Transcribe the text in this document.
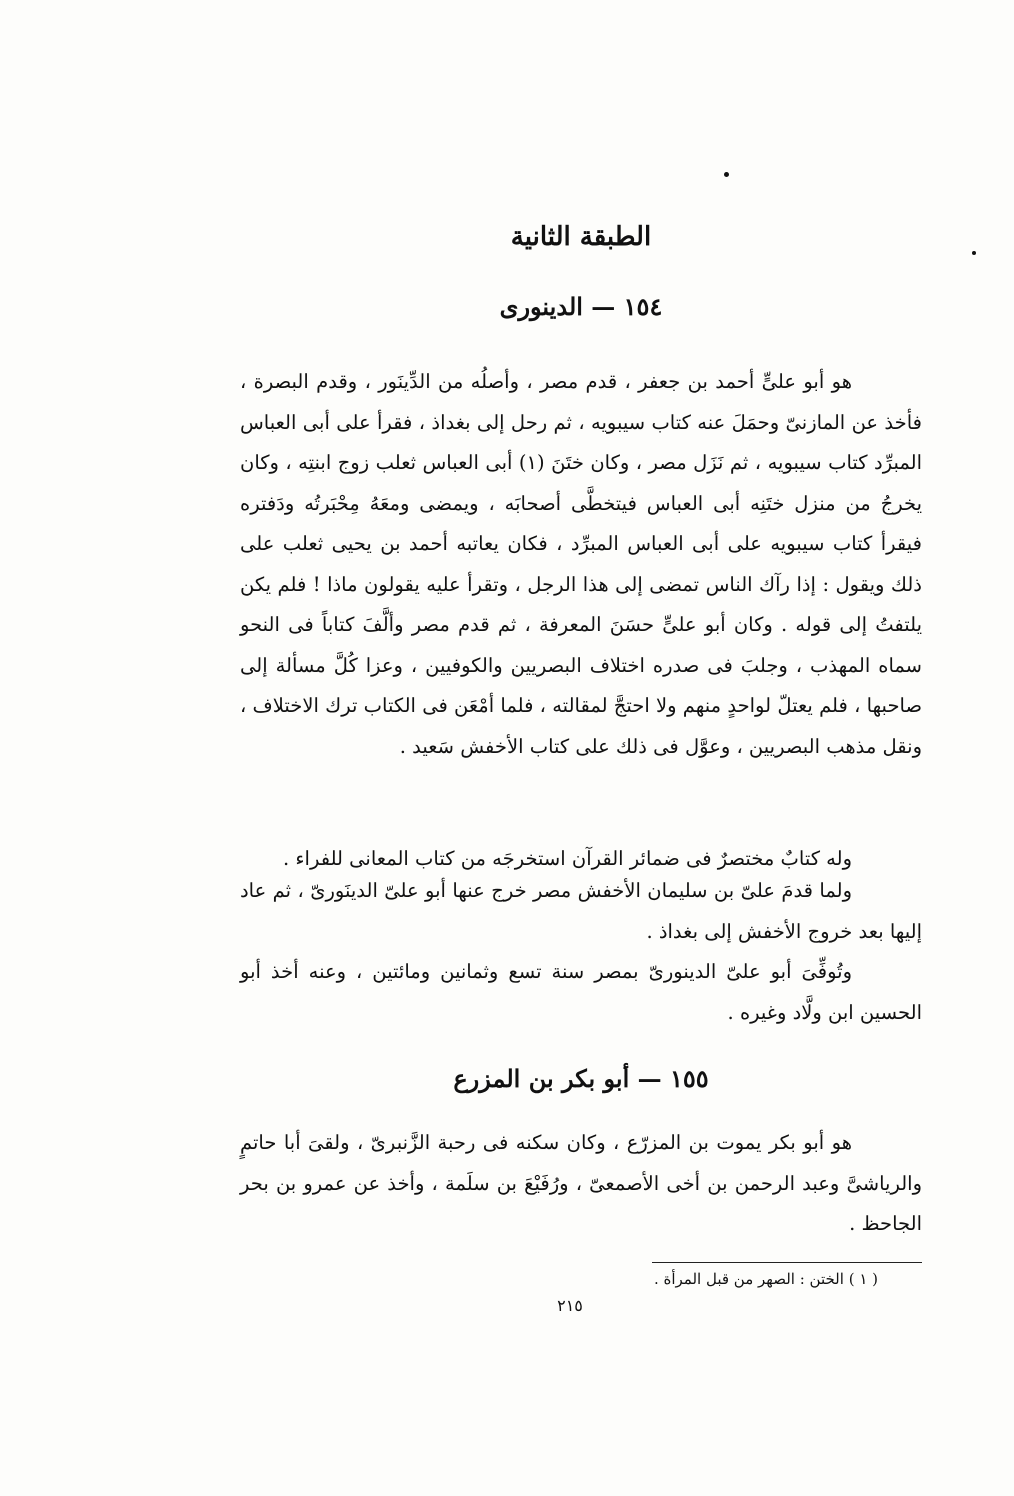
الطبقة الثانية
١٥٤ — الدينورى

هو أبو علىٍّ أحمد بن جعفر ، قدم مصر ، وأصلُه من الدِّينَور ، وقدم البصرة ، فأخذ عن المازنىّ وحمَلَ عنه كتاب سيبويه ، ثم رحل إلى بغداذ ، فقرأ على أبى العباس المبرِّد كتاب سيبويه ، ثم نَزَل مصر ، وكان ختَنَ (١) أبى العباس ثعلب زوج ابنتِه ، وكان يخرجُ من منزل ختَنِه أبى العباس فيتخطَّى أصحابَه ، ويمضى ومعَهُ مِحْبَرتُه ودَفتره فيقرأ كتاب سيبويه على أبى العباس المبرِّد ، فكان يعاتبه أحمد بن يحيى ثعلب على ذلك ويقول : إذا رآك الناس تمضى إلى هذا الرجل ، وتقرأ عليه يقولون ماذا ! فلم يكن يلتفتُ إلى قوله . وكان أبو علىٍّ حسَنَ المعرفة ، ثم قدم مصر وألَّفَ كتاباً فى النحو سماه المهذب ، وجلبَ فى صدره اختلاف البصريين والكوفيين ، وعزا كُلَّ مسألة إلى صاحبها ، فلم يعتلّ لواحدٍ منهم ولا احتجَّ لمقالته ، فلما أمْعَن فى الكتاب ترك الاختلاف ، ونقل مذهب البصريين ، وعوَّل فى ذلك على كتاب الأخفش سَعيد .

وله كتابٌ مختصرٌ فى ضمائر القرآن استخرجَه من كتاب المعانى للفراء .

ولما قدمَ علىّ بن سليمان الأخفش مصر خرج عنها أبو علىّ الدينَورىّ ، ثم عاد إليها بعد خروج الأخفش إلى بغداذ .

وتُوفِّىَ أبو علىّ الدينورىّ بمصر سنة تسع وثمانين ومائتين ، وعنه أخذ أبو الحسين ابن ولَّاد وغيره .

١٥٥ — أبو بكر بن المزرع

هو أبو بكر يموت بن المزرّع ، وكان سكنه فى رحبة الزَّنبرىّ ، ولقىَ أبا حاتمٍ والرياشىَّ وعبد الرحمن بن أخى الأصمعىّ ، ورُفَيْعَ بن سلَمة ، وأخذ عن عمرو بن بحر الجاحظ .

( ١ ) الختن : الصهر من قبل المرأة .
٢١٥
